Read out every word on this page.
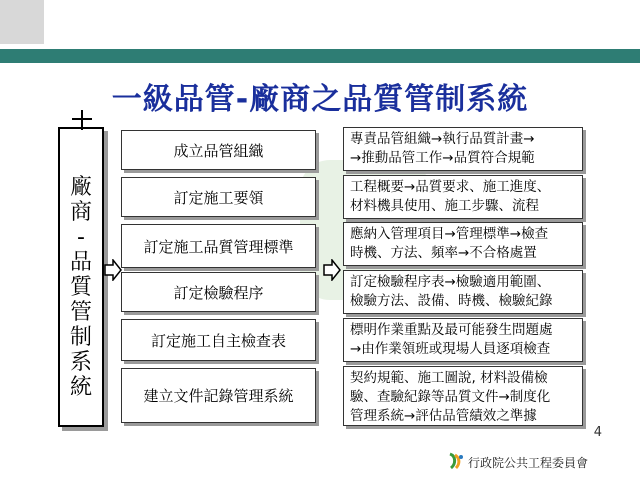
一級品管-廠商之品質管制系統
廠
商
-
品
質
管
制
系
統
成立品管組織
訂定施工要領
訂定施工品質管理標準
訂定檢驗程序
訂定施工自主檢查表
建立文件記錄管理系統
專責品管組織→執行品質計畫→
→推動品管工作→品質符合規範
工程概要→品質要求、施工進度、
材料機具使用、施工步驟、流程
應納入管理項目→管理標準→檢查
時機、方法、頻率→不合格處置
訂定檢驗程序表→檢驗適用範圍、
檢驗方法、設備、時機、檢驗紀錄
標明作業重點及最可能發生問題處
→由作業領班或現場人員逐項檢查
契約規範、施工圖說, 材料設備檢
驗、查驗紀錄等品質文件→制度化
管理系統→評估品管績效之準據
4
行政院公共工程委員會
